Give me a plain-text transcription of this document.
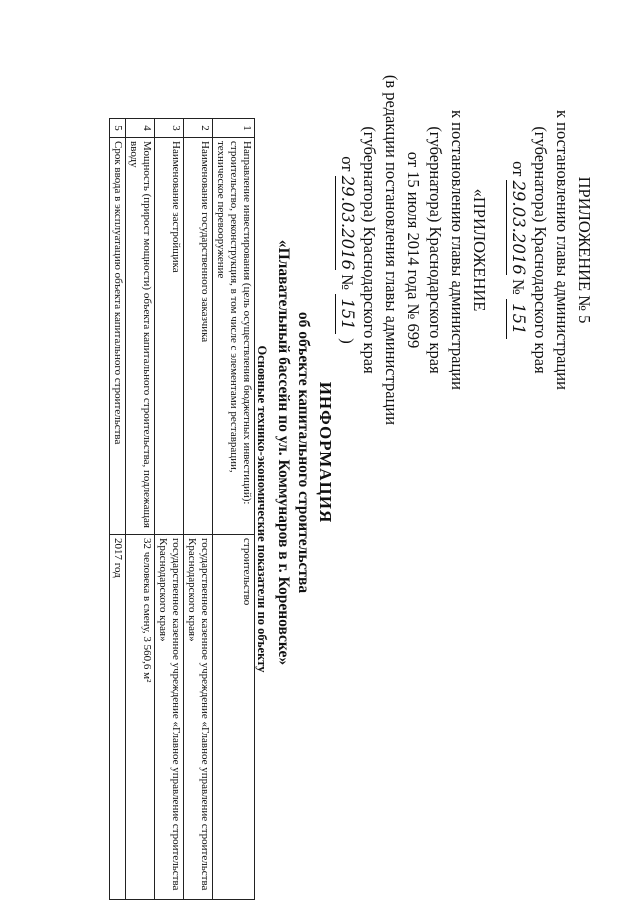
ПРИЛОЖЕНИЕ № 5
к постановлению главы администрации
(губернатора) Краснодарского края
от 29.03.2016 № 151
«ПРИЛОЖЕНИЕ
к постановлению главы администрации
(губернатора) Краснодарского края
от 15 июля 2014 года № 699
(в редакции постановления главы администрации
(губернатора) Краснодарского края
от 29.03.2016 № 151 )
ИНФОРМАЦИЯ
об объекте капитального строительства
«Плавательный бассейн по ул. Коммунаров в г. Кореновске»
Основные технико-экономические показатели по объекту
1	Направление инвестирования (цель осуществления бюджетных инвестиций): строительство, реконструкция, в том числе с элементами реставрации, техническое перевооружение	строительство
2	Наименование государственного заказчика	государственное казенное учреждение «Главное управление строительства Краснодарского края»
3	Наименование застройщика	государственное казенное учреждение «Главное управление строительства Краснодарского края»
4	Мощность (прирост мощности) объекта капитального строительства, подлежащая вводу	32 человека в смену, 3 560,6 м²
5	Срок ввода в эксплуатацию объекта капитального строительства	2017 год
